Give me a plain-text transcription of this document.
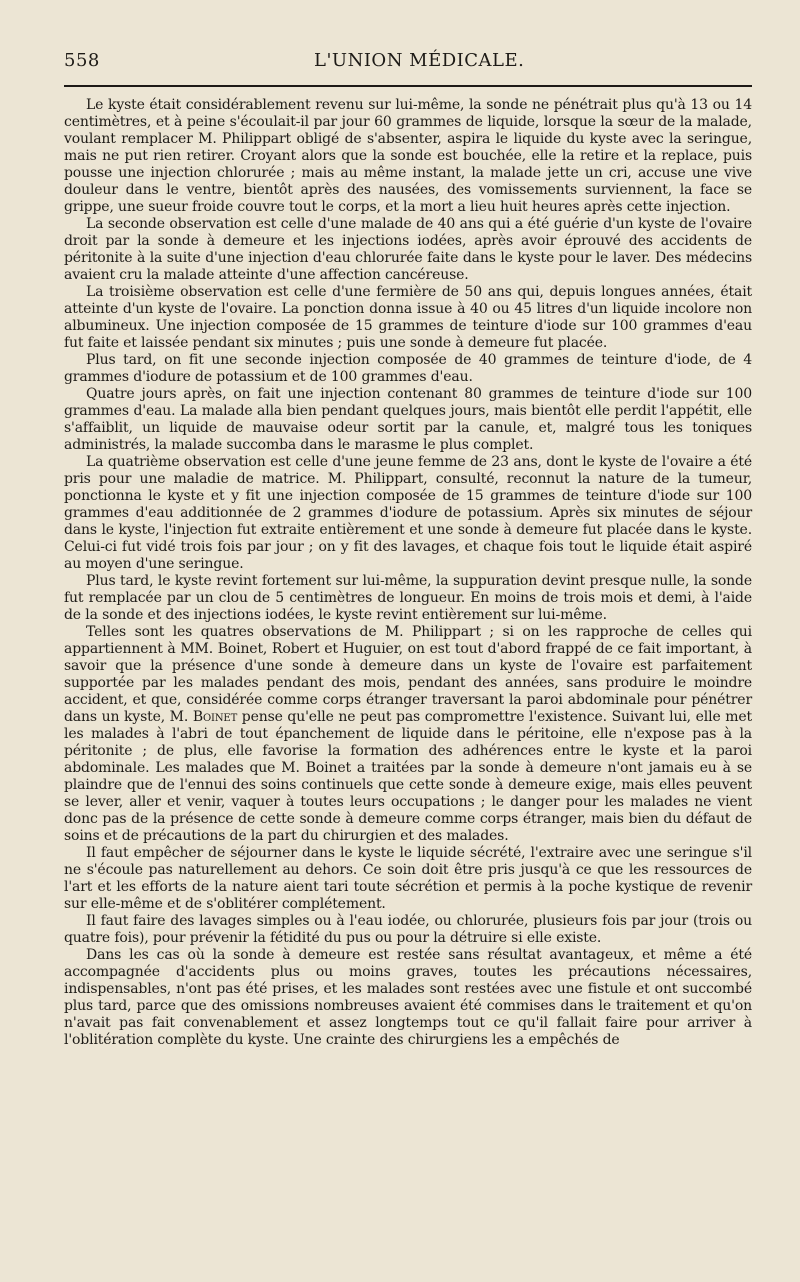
558	L'UNION MÉDICALE.

Le kyste était considérablement revenu sur lui-même, la sonde ne pénétrait plus qu'à 13 ou 14 centimètres, et à peine s'écoulait-il par jour 60 grammes de liquide, lorsque la sœur de la malade, voulant remplacer M. Philippart obligé de s'absenter, aspira le liquide du kyste avec la seringue, mais ne put rien retirer. Croyant alors que la sonde est bouchée, elle la retire et la replace, puis pousse une injection chlorurée ; mais au même instant, la malade jette un cri, accuse une vive douleur dans le ventre, bientôt après des nausées, des vomissements surviennent, la face se grippe, une sueur froide couvre tout le corps, et la mort a lieu huit heures après cette injection.

La seconde observation est celle d'une malade de 40 ans qui a été guérie d'un kyste de l'ovaire droit par la sonde à demeure et les injections iodées, après avoir éprouvé des accidents de péritonite à la suite d'une injection d'eau chlorurée faite dans le kyste pour le laver. Des médecins avaient cru la malade atteinte d'une affection cancéreuse.

La troisième observation est celle d'une fermière de 50 ans qui, depuis longues années, était atteinte d'un kyste de l'ovaire. La ponction donna issue à 40 ou 45 litres d'un liquide incolore non albumineux. Une injection composée de 15 grammes de teinture d'iode sur 100 grammes d'eau fut faite et laissée pendant six minutes ; puis une sonde à demeure fut placée.

Plus tard, on fit une seconde injection composée de 40 grammes de teinture d'iode, de 4 grammes d'iodure de potassium et de 100 grammes d'eau.

Quatre jours après, on fait une injection contenant 80 grammes de teinture d'iode sur 100 grammes d'eau. La malade alla bien pendant quelques jours, mais bientôt elle perdit l'appétit, elle s'affaiblit, un liquide de mauvaise odeur sortit par la canule, et, malgré tous les toniques administrés, la malade succomba dans le marasme le plus complet.

La quatrième observation est celle d'une jeune femme de 23 ans, dont le kyste de l'ovaire a été pris pour une maladie de matrice. M. Philippart, consulté, reconnut la nature de la tumeur, ponctionna le kyste et y fit une injection composée de 15 grammes de teinture d'iode sur 100 grammes d'eau additionnée de 2 grammes d'iodure de potassium. Après six minutes de séjour dans le kyste, l'injection fut extraite entièrement et une sonde à demeure fut placée dans le kyste. Celui-ci fut vidé trois fois par jour ; on y fit des lavages, et chaque fois tout le liquide était aspiré au moyen d'une seringue.

Plus tard, le kyste revint fortement sur lui-même, la suppuration devint presque nulle, la sonde fut remplacée par un clou de 5 centimètres de longueur. En moins de trois mois et demi, à l'aide de la sonde et des injections iodées, le kyste revint entièrement sur lui-même.

Telles sont les quatres observations de M. Philippart ; si on les rapproche de celles qui appartiennent à MM. Boinet, Robert et Huguier, on est tout d'abord frappé de ce fait important, à savoir que la présence d'une sonde à demeure dans un kyste de l'ovaire est parfaitement supportée par les malades pendant des mois, pendant des années, sans produire le moindre accident, et que, considérée comme corps étranger traversant la paroi abdominale pour pénétrer dans un kyste, M. Boinet pense qu'elle ne peut pas compromettre l'existence. Suivant lui, elle met les malades à l'abri de tout épanchement de liquide dans le péritoine, elle n'expose pas à la péritonite ; de plus, elle favorise la formation des adhérences entre le kyste et la paroi abdominale. Les malades que M. Boinet a traitées par la sonde à demeure n'ont jamais eu à se plaindre que de l'ennui des soins continuels que cette sonde à demeure exige, mais elles peuvent se lever, aller et venir, vaquer à toutes leurs occupations ; le danger pour les malades ne vient donc pas de la présence de cette sonde à demeure comme corps étranger, mais bien du défaut de soins et de précautions de la part du chirurgien et des malades.

Il faut empêcher de séjourner dans le kyste le liquide sécrété, l'extraire avec une seringue s'il ne s'écoule pas naturellement au dehors. Ce soin doit être pris jusqu'à ce que les ressources de l'art et les efforts de la nature aient tari toute sécrétion et permis à la poche kystique de revenir sur elle-même et de s'oblitérer complétement.

Il faut faire des lavages simples ou à l'eau iodée, ou chlorurée, plusieurs fois par jour (trois ou quatre fois), pour prévenir la fétidité du pus ou pour la détruire si elle existe.

Dans les cas où la sonde à demeure est restée sans résultat avantageux, et même a été accompagnée d'accidents plus ou moins graves, toutes les précautions nécessaires, indispensables, n'ont pas été prises, et les malades sont restées avec une fistule et ont succombé plus tard, parce que des omissions nombreuses avaient été commises dans le traitement et qu'on n'avait pas fait convenablement et assez longtemps tout ce qu'il fallait faire pour arriver à l'oblitération complète du kyste. Une crainte des chirurgiens les a empêchés de
